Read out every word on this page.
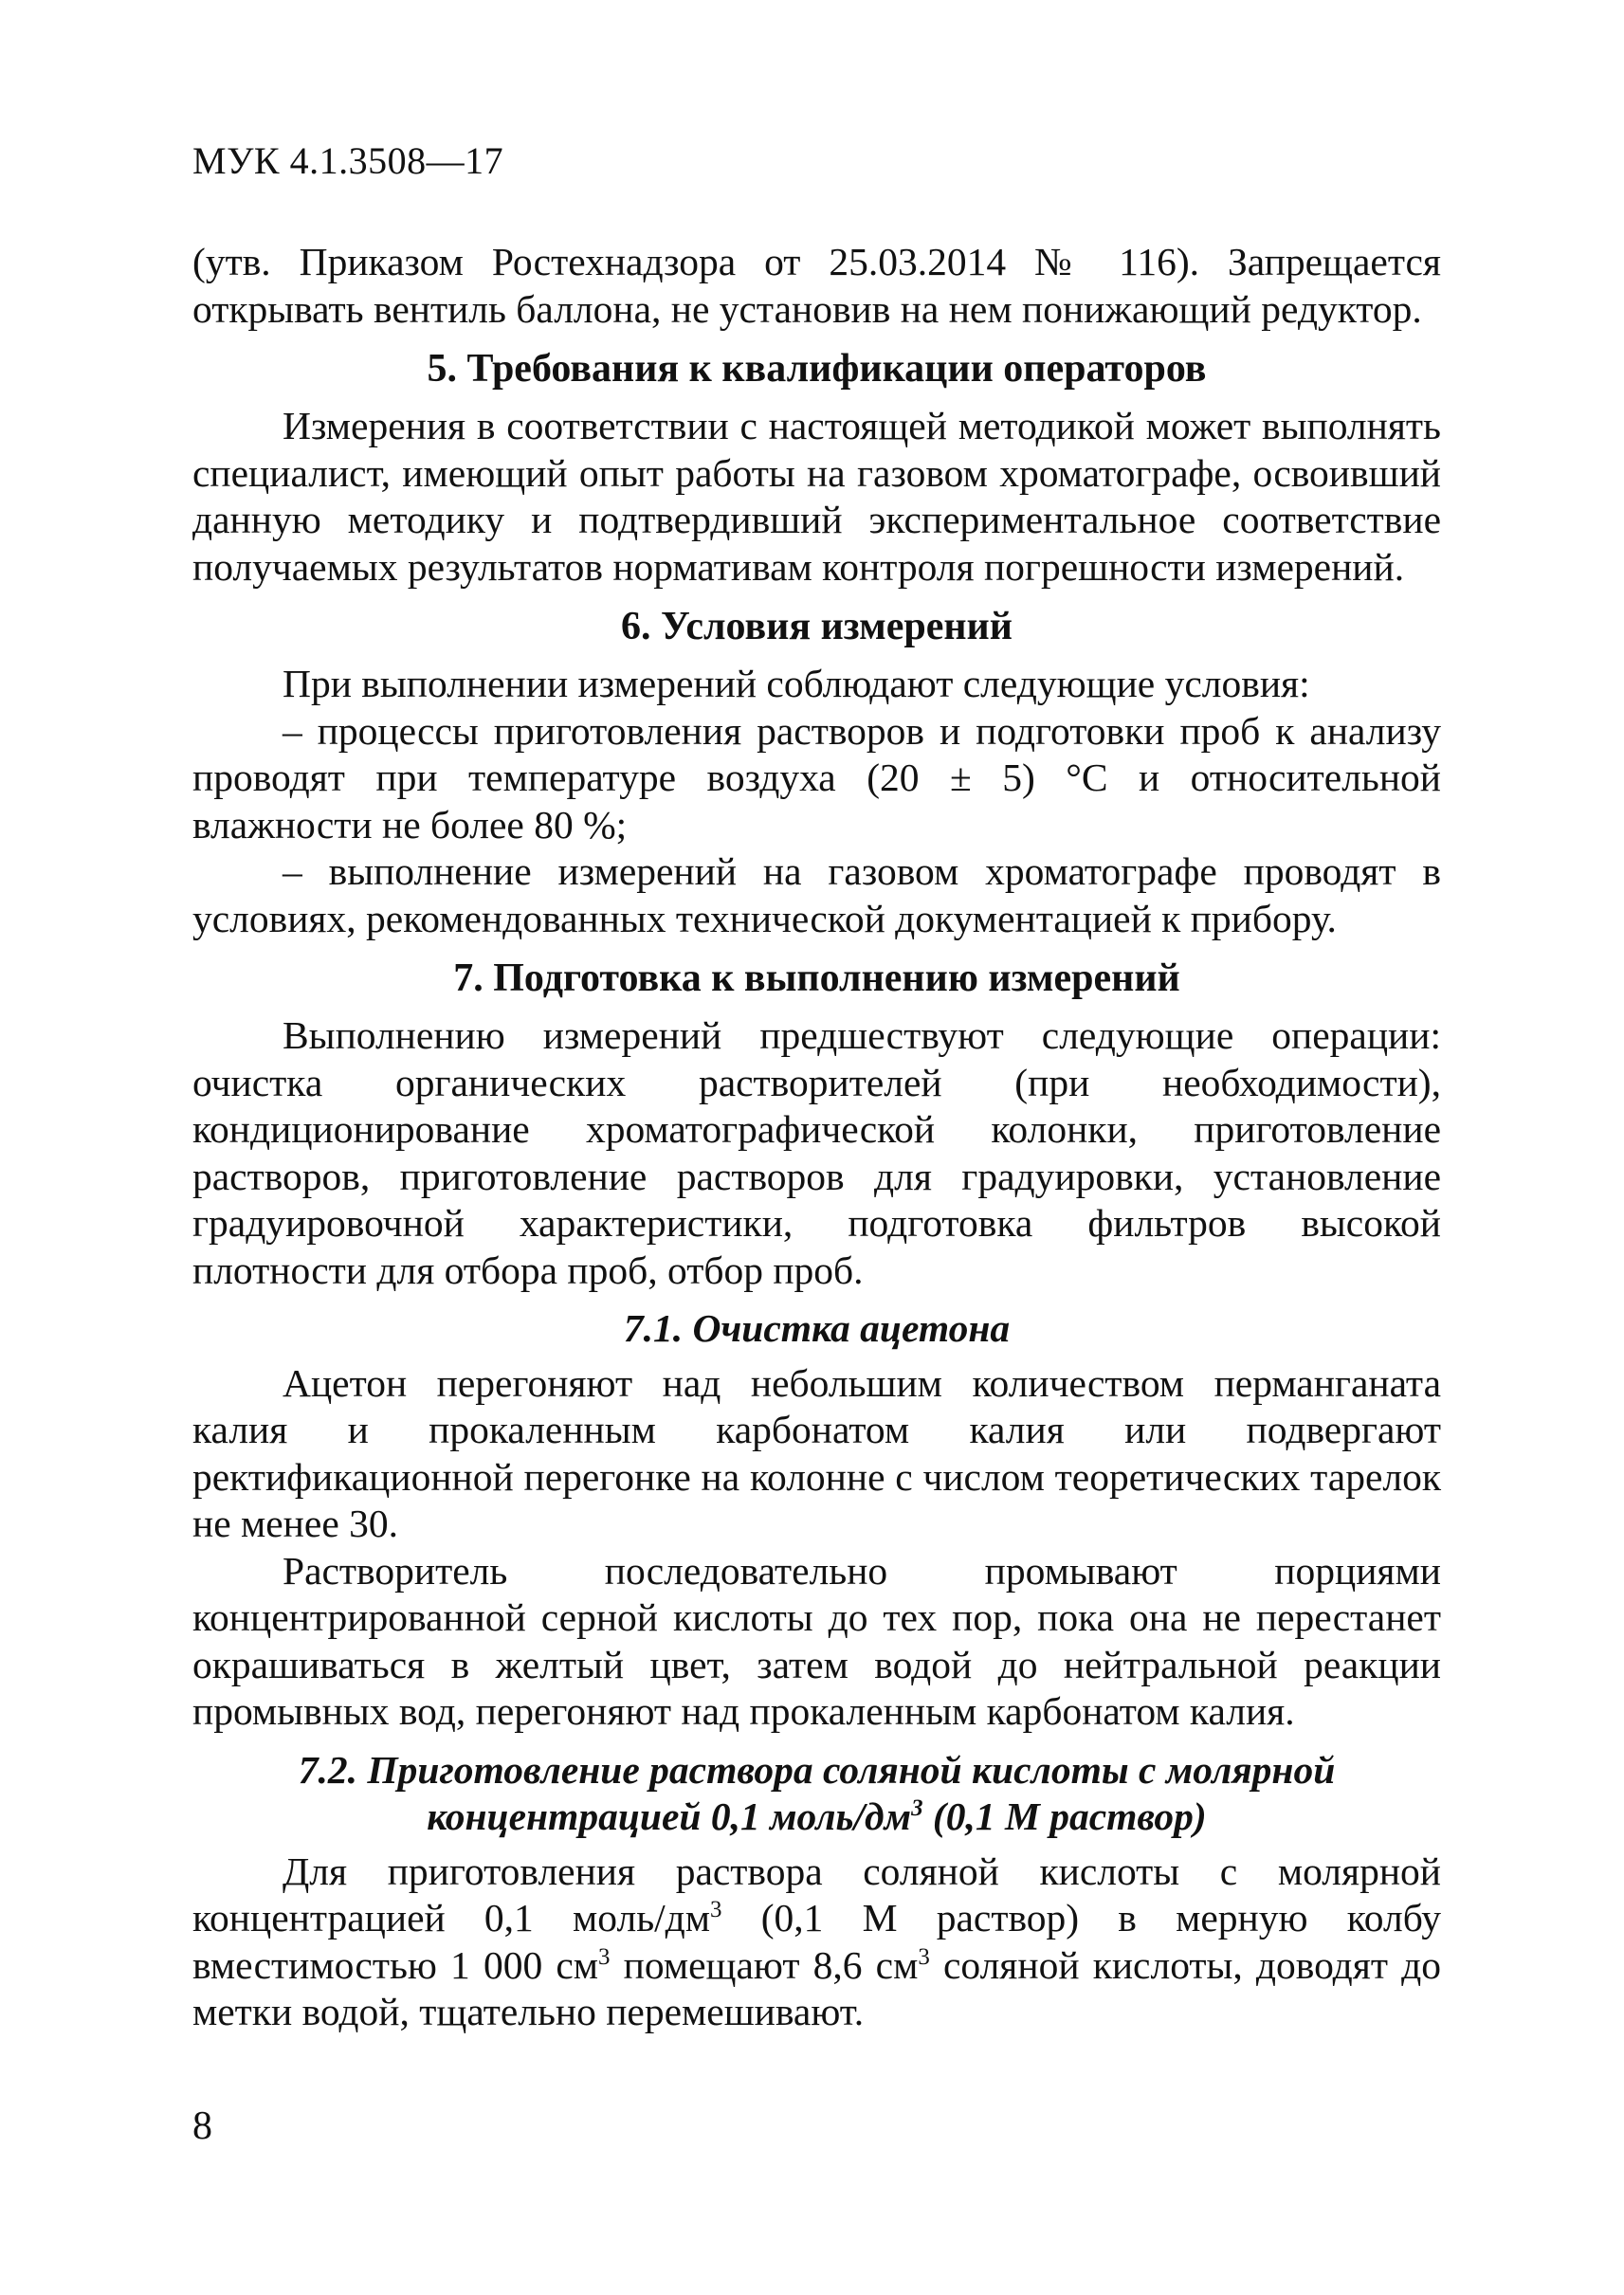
МУК 4.1.3508—17

(утв. Приказом Ростехнадзора от 25.03.2014 № 116). Запрещается открывать вентиль баллона, не установив на нем понижающий редуктор.

5. Требования к квалификации операторов

Измерения в соответствии с настоящей методикой может выполнять специалист, имеющий опыт работы на газовом хроматографе, освоивший данную методику и подтвердивший экспериментальное соответствие получаемых результатов нормативам контроля погрешности измерений.

6. Условия измерений

При выполнении измерений соблюдают следующие условия:

– процессы приготовления растворов и подготовки проб к анализу проводят при температуре воздуха (20 ± 5) °С и относительной влажности не более 80 %;

– выполнение измерений на газовом хроматографе проводят в условиях, рекомендованных технической документацией к прибору.

7. Подготовка к выполнению измерений

Выполнению измерений предшествуют следующие операции: очистка органических растворителей (при необходимости), кондиционирование хроматографической колонки, приготовление растворов, приготовление растворов для градуировки, установление градуировочной характеристики, подготовка фильтров высокой плотности для отбора проб, отбор проб.

7.1. Очистка ацетона

Ацетон перегоняют над небольшим количеством перманганата калия и прокаленным карбонатом калия или подвергают ректификационной перегонке на колонне с числом теоретических тарелок не менее 30.

Растворитель последовательно промывают порциями концентрированной серной кислоты до тех пор, пока она не перестанет окрашиваться в желтый цвет, затем водой до нейтральной реакции промывных вод, перегоняют над прокаленным карбонатом калия.

7.2. Приготовление раствора соляной кислоты с молярной
концентрацией 0,1 моль/$дм^3$ (0,1 М раствор)

Для приготовления раствора соляной кислоты с молярной концентрацией 0,1 моль/$дм^3$ (0,1 М раствор) в мерную колбу вместимостью 1 000 $см^3$ помещают 8,6 $см^3$ соляной кислоты, доводят до метки водой, тщательно перемешивают.

8
